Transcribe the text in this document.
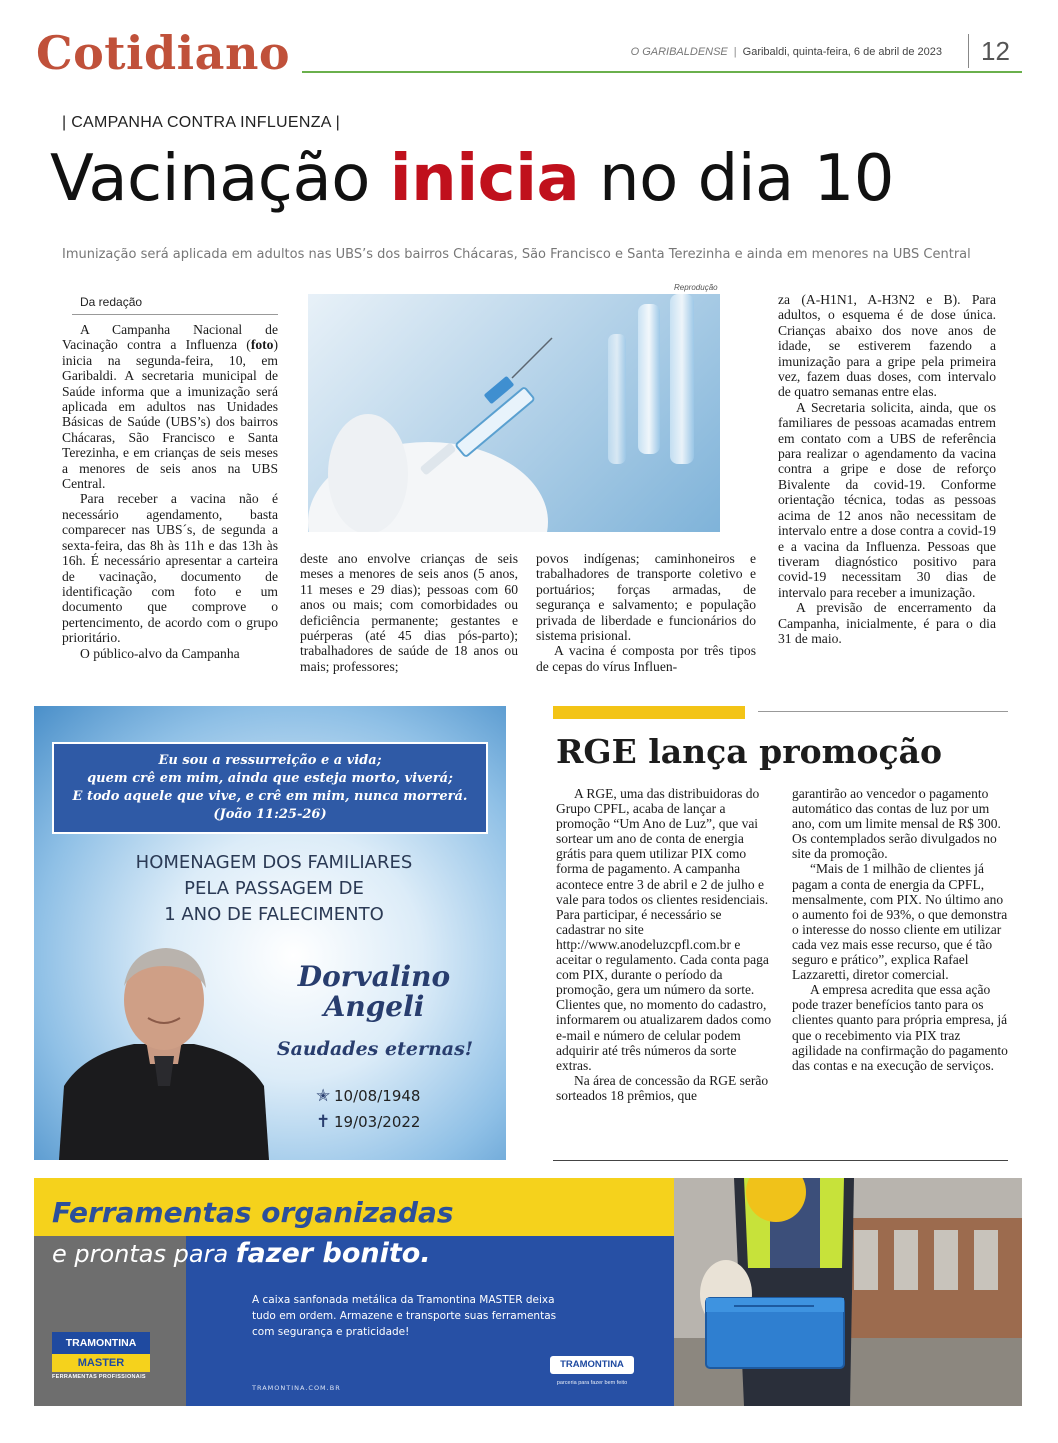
Cotidiano	O GARIBALDENSE | Garibaldi, quinta-feira, 6 de abril de 2023	12
| CAMPANHA CONTRA INFLUENZA |
Vacinação inicia no dia 10
Imunização será aplicada em adultos nas UBS’s dos bairros Chácaras, São Francisco e Santa Terezinha e ainda em menores na UBS Central
Da redação

A Campanha Nacional de Vacinação contra a Influenza (foto) inicia na segunda-feira, 10, em Garibaldi. A secretaria municipal de Saúde informa que a imunização será aplicada em adultos nas Unidades Básicas de Saúde (UBS’s) dos bairros Chácaras, São Francisco e Santa Terezinha, e em crianças de seis meses a menores de seis anos na UBS Central.

Para receber a vacina não é necessário agendamento, basta comparecer nas UBS´s, de segunda a sexta-feira, das 8h às 11h e das 13h às 16h. É necessário apresentar a carteira de vacinação, documento de identificação com foto e um documento que comprove o pertencimento, de acordo com o grupo prioritário.

O público-alvo da Campanha

Reprodução

deste ano envolve crianças de seis meses a menores de seis anos (5 anos, 11 meses e 29 dias); pessoas com 60 anos ou mais; com comorbidades ou deficiência permanente; gestantes e puérperas (até 45 dias pós-parto); trabalhadores de saúde de 18 anos ou mais; professores;

povos indígenas; caminhoneiros e trabalhadores de transporte coletivo e portuários; forças armadas, de segurança e salvamento; e população privada de liberdade e funcionários do sistema prisional.

A vacina é composta por três tipos de cepas do vírus Influen-

za (A-H1N1, A-H3N2 e B). Para adultos, o esquema é de dose única. Crianças abaixo dos nove anos de idade, se estiverem fazendo a imunização para a gripe pela primeira vez, fazem duas doses, com intervalo de quatro semanas entre elas.

A Secretaria solicita, ainda, que os familiares de pessoas acamadas entrem em contato com a UBS de referência para realizar o agendamento da vacina contra a gripe e dose de reforço Bivalente da covid-19. Conforme orientação técnica, todas as pessoas acima de 12 anos não necessitam de intervalo entre a dose contra a covid-19 e a vacina da Influenza. Pessoas que tiveram diagnóstico positivo para covid-19 necessitam 30 dias de intervalo para receber a imunização.

A previsão de encerramento da Campanha, inicialmente, é para o dia 31 de maio.

Eu sou a ressurreição e a vida;
quem crê em mim, ainda que esteja morto, viverá;
E todo aquele que vive, e crê em mim, nunca morrerá.
(João 11:25-26)
HOMENAGEM DOS FAMILIARES
PELA PASSAGEM DE
1 ANO DE FALECIMENTO
Dorvalino
Angeli
Saudades eternas!
✭ 10/08/1948
✝ 19/03/2022
RGE lança promoção

A RGE, uma das distribuidoras do Grupo CPFL, acaba de lançar a promoção “Um Ano de Luz”, que vai sortear um ano de conta de energia grátis para quem utilizar PIX como forma de pagamento. A campanha acontece entre 3 de abril e 2 de julho e vale para todos os clientes residenciais. Para participar, é necessário se cadastrar no site http://www.anodeluzcpfl.com.br e aceitar o regulamento. Cada conta paga com PIX, durante o período da promoção, gera um número da sorte. Clientes que, no momento do cadastro, informarem ou atualizarem dados como e-mail e número de celular podem adquirir até três números da sorte extras.

Na área de concessão da RGE serão sorteados 18 prêmios, que

garantirão ao vencedor o pagamento automático das contas de luz por um ano, com um limite mensal de R$ 300. Os contemplados serão divulgados no site da promoção.

“Mais de 1 milhão de clientes já pagam a conta de energia da CPFL, mensalmente, com PIX. No último ano o aumento foi de 93%, o que demonstra o interesse do nosso cliente em utilizar cada vez mais esse recurso, que é tão seguro e prático”, explica Rafael Lazzaretti, diretor comercial.

A empresa acredita que essa ação pode trazer benefícios tanto para os clientes quanto para própria empresa, já que o recebimento via PIX traz agilidade na confirmação do pagamento das contas e na execução de serviços.

Ferramentas organizadas
e prontas para fazer bonito.
A caixa sanfonada metálica da Tramontina MASTER deixa tudo em ordem. Armazene e transporte suas ferramentas com segurança e praticidade!
TRAMONTINA.COM.BR
TRAMONTINA
MASTER
FERRAMENTAS PROFISSIONAIS
TRAMONTINA
parceria para fazer bem feito
